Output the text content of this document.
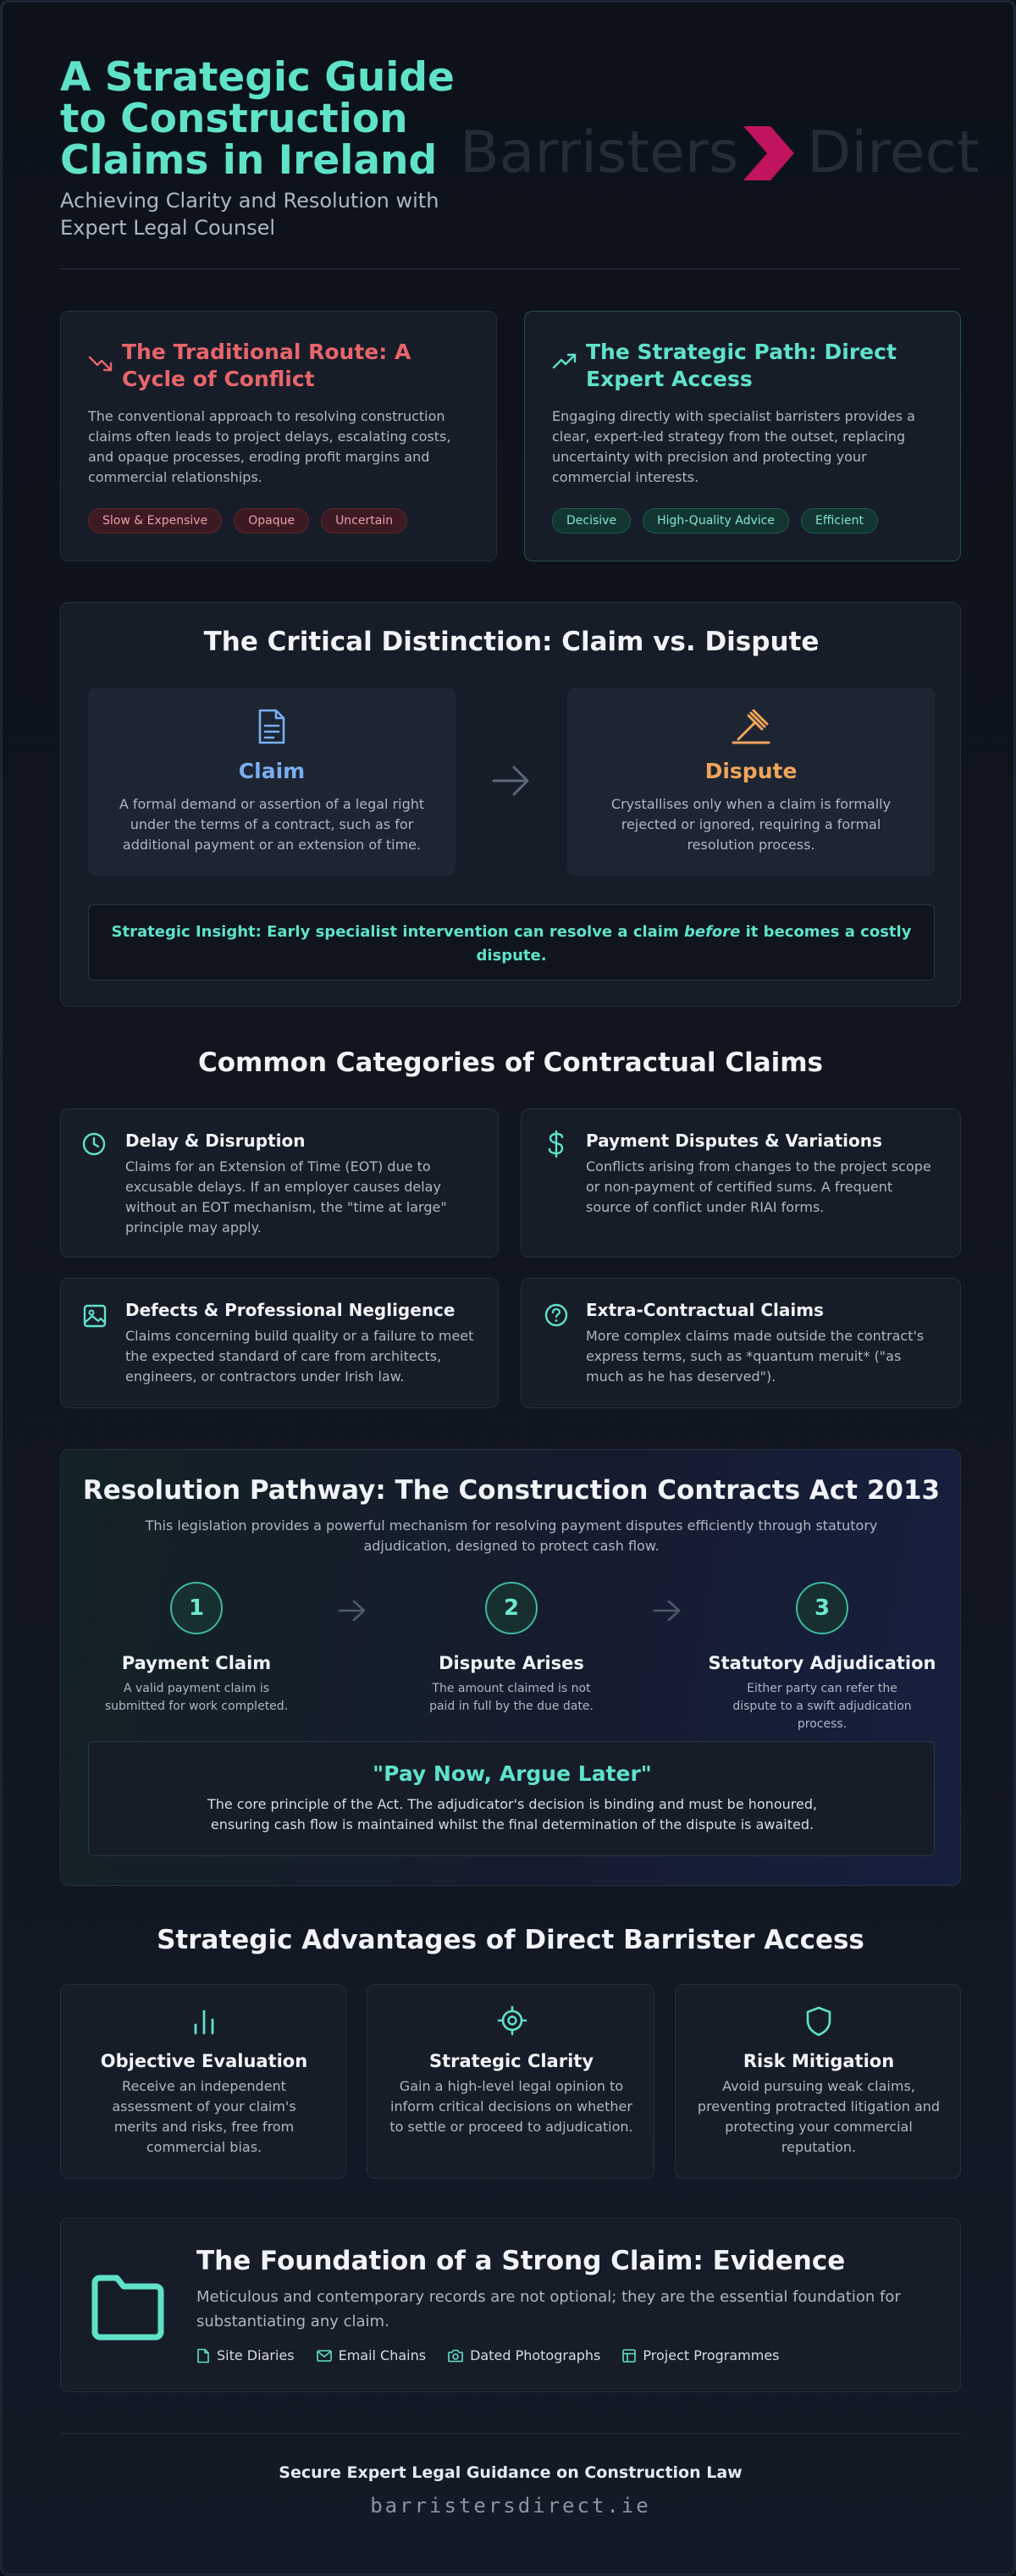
A Strategic Guide to Construction Claims in Ireland
Achieving Clarity and Resolution with Expert Legal Counsel
Barristers Direct
The Traditional Route: A Cycle of Conflict
The conventional approach to resolving construction claims often leads to project delays, escalating costs, and opaque processes, eroding profit margins and commercial relationships.
Slow & Expensive	Opaque	Uncertain
The Strategic Path: Direct Expert Access
Engaging directly with specialist barristers provides a clear, expert-led strategy from the outset, replacing uncertainty with precision and protecting your commercial interests.
Decisive	High-Quality Advice	Efficient
The Critical Distinction: Claim vs. Dispute
Claim
A formal demand or assertion of a legal right under the terms of a contract, such as for additional payment or an extension of time.
Dispute
Crystallises only when a claim is formally rejected or ignored, requiring a formal resolution process.
Strategic Insight: Early specialist intervention can resolve a claim before it becomes a costly dispute.
Common Categories of Contractual Claims
Delay & Disruption
Claims for an Extension of Time (EOT) due to excusable delays. If an employer causes delay without an EOT mechanism, the "time at large" principle may apply.
Payment Disputes & Variations
Conflicts arising from changes to the project scope or non-payment of certified sums. A frequent source of conflict under RIAI forms.
Defects & Professional Negligence
Claims concerning build quality or a failure to meet the expected standard of care from architects, engineers, or contractors under Irish law.
Extra-Contractual Claims
More complex claims made outside the contract's express terms, such as *quantum meruit* ("as much as he has deserved").
Resolution Pathway: The Construction Contracts Act 2013
This legislation provides a powerful mechanism for resolving payment disputes efficiently through statutory adjudication, designed to protect cash flow.
1
Payment Claim
A valid payment claim is submitted for work completed.
2
Dispute Arises
The amount claimed is not paid in full by the due date.
3
Statutory Adjudication
Either party can refer the dispute to a swift adjudication process.
"Pay Now, Argue Later"
The core principle of the Act. The adjudicator's decision is binding and must be honoured, ensuring cash flow is maintained whilst the final determination of the dispute is awaited.
Strategic Advantages of Direct Barrister Access
Objective Evaluation
Receive an independent assessment of your claim's merits and risks, free from commercial bias.
Strategic Clarity
Gain a high-level legal opinion to inform critical decisions on whether to settle or proceed to adjudication.
Risk Mitigation
Avoid pursuing weak claims, preventing protracted litigation and protecting your commercial reputation.
The Foundation of a Strong Claim: Evidence
Meticulous and contemporary records are not optional; they are the essential foundation for substantiating any claim.
Site Diaries	Email Chains	Dated Photographs	Project Programmes
Secure Expert Legal Guidance on Construction Law
barristersdirect.ie
